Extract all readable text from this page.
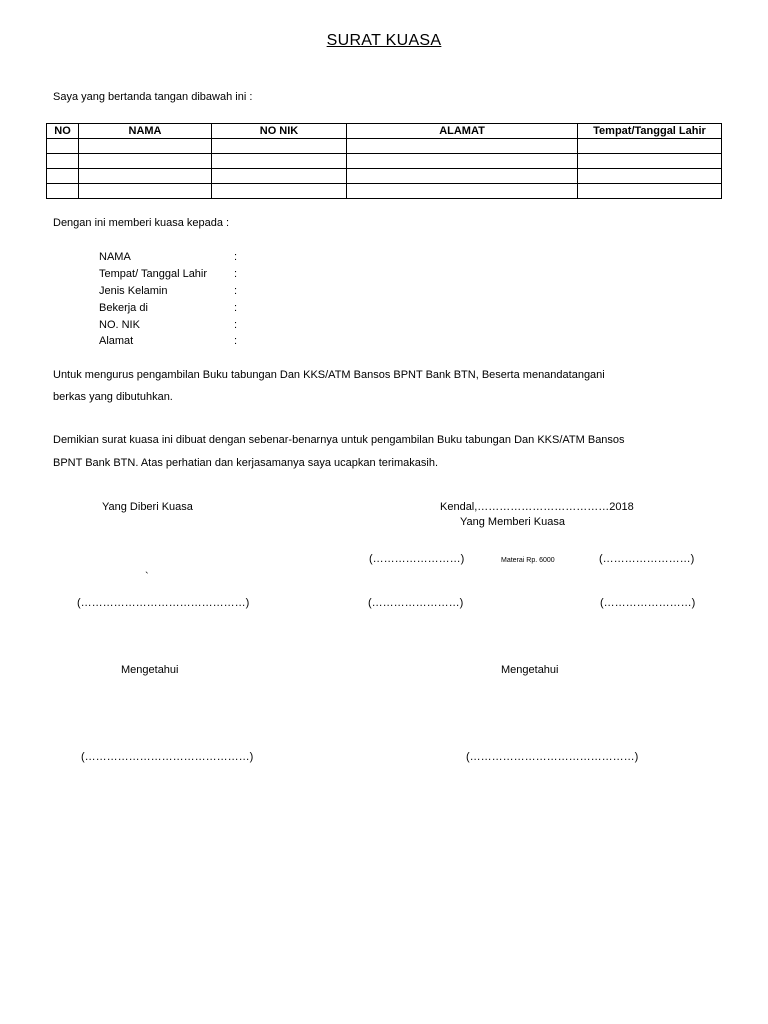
SURAT KUASA
Saya yang bertanda tangan dibawah ini :
NO	NAMA	NO NIK	ALAMAT	Tempat/Tanggal Lahir

Dengan ini memberi kuasa kepada :
NAMA	:
Tempat/ Tanggal Lahir :
Jenis Kelamin	:
Bekerja di	:
NO. NIK	:
Alamat	:
Untuk mengurus pengambilan Buku tabungan Dan KKS/ATM Bansos BPNT Bank BTN, Beserta menandatangani
berkas yang dibutuhkan.
Demikian surat kuasa ini dibuat dengan sebenar-benarnya untuk pengambilan Buku tabungan Dan KKS/ATM Bansos
BPNT Bank BTN. Atas perhatian dan kerjasamanya saya ucapkan terimakasih.
Yang Diberi Kuasa	Kendal,………………………………2018
Yang Memberi Kuasa
(……………………)	Materai Rp. 6000	(……………………)
`
(………………………………………)	(……………………)	(……………………)
Mengetahui	Mengetahui
(………………………………………)	(………………………………………)
